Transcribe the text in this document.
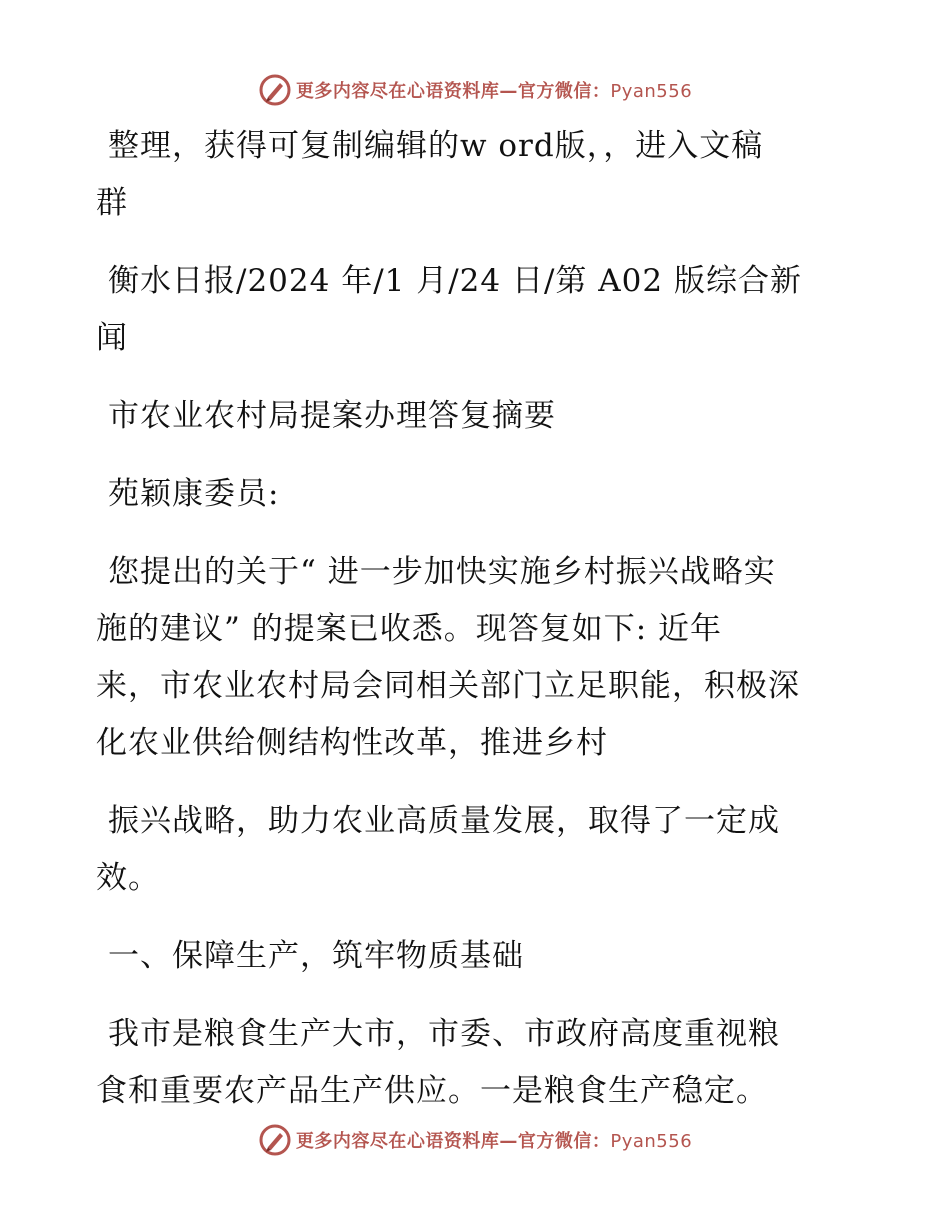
更多内容尽在心语资料库—官方微信：Pyan556

整理，获得可复制编辑的w ord版，，进入文稿
群

衡水日报/2024 年/1 月/24 日/第 A02 版综合新
闻

市农业农村局提案办理答复摘要

苑颖康委员:

您提出的关于“ 进一步加快实施乡村振兴战略实
施的建议” 的提案已收悉。现答复如下: 近年
来，市农业农村局会同相关部门立足职能，积极深
化农业供给侧结构性改革，推进乡村

振兴战略，助力农业高质量发展，取得了一定成
效。

一、保障生产，筑牢物质基础

我市是粮食生产大市，市委、市政府高度重视粮
食和重要农产品生产供应。一是粮食生产稳定。

更多内容尽在心语资料库—官方微信：Pyan556
